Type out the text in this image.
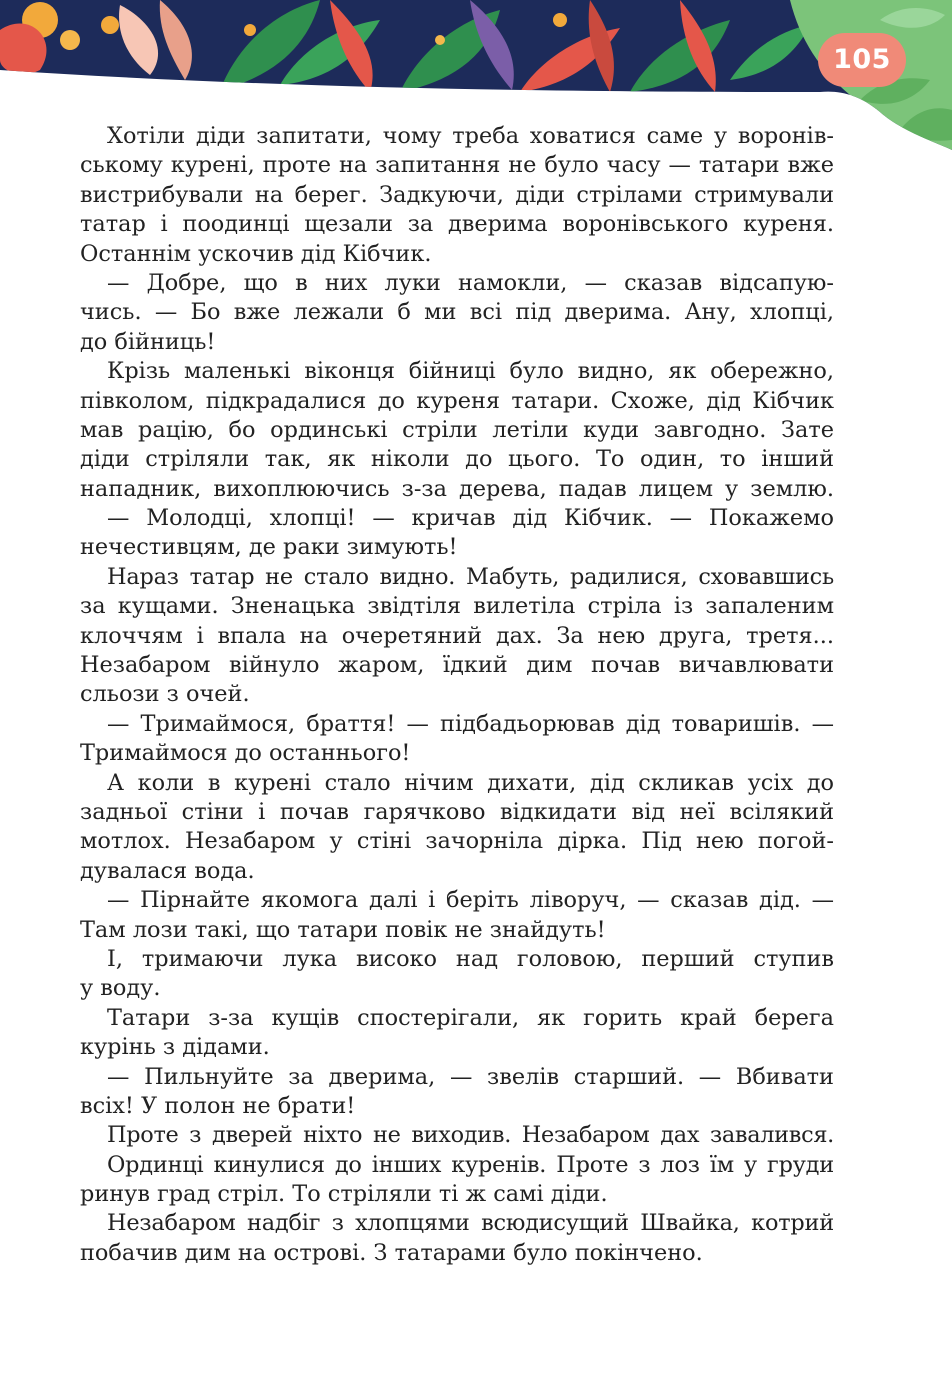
105
Хотіли діди запитати, чому треба ховатися саме у воронів-
ському курені, проте на запитання не було часу — татари вже
вистрибували на берег. Задкуючи, діди стрілами стримували
татар і поодинці щезали за дверима воронівського куреня.
Останнім ускочив дід Кібчик.
— Добре, що в них луки намокли, — сказав відсапую-
чись. — Бо вже лежали б ми всі під дверима. Ану, хлопці,
до бійниць!
Крізь маленькі віконця бійниці було видно, як обережно,
півколом, підкрадалися до куреня татари. Схоже, дід Кібчик
мав рацію, бо ординські стріли летіли куди завгодно. Зате
діди стріляли так, як ніколи до цього. То один, то інший
нападник, вихоплюючись з-за дерева, падав лицем у землю.
— Молодці, хлопці! — кричав дід Кібчик. — Покажемо
нечестивцям, де раки зимують!
Нараз татар не стало видно. Мабуть, радилися, сховавшись
за кущами. Зненацька звідтіля вилетіла стріла із запаленим
клоччям і впала на очеретяний дах. За нею друга, третя...
Незабаром війнуло жаром, їдкий дим почав вичавлювати
сльози з очей.
— Тримаймося, браття! — підбадьорював дід товаришів. —
Тримаймося до останнього!
А коли в курені стало нічим дихати, дід скликав усіх до
задньої стіни і почав гарячково відкидати від неї всілякий
мотлох. Незабаром у стіні зачорніла дірка. Під нею погой-
дувалася вода.
— Пірнайте якомога далі і беріть ліворуч, — сказав дід. —
Там лози такі, що татари повік не знайдуть!
І, тримаючи лука високо над головою, перший ступив
у воду.
Татари з-за кущів спостерігали, як горить край берега
курінь з дідами.
— Пильнуйте за дверима, — звелів старший. — Вбивати
всіх! У полон не брати!
Проте з дверей ніхто не виходив. Незабаром дах завалився.
Ординці кинулися до інших куренів. Проте з лоз їм у груди
ринув град стріл. То стріляли ті ж самі діди.
Незабаром надбіг з хлопцями всюдисущий Швайка, котрий
побачив дим на острові. З татарами було покінчено.
